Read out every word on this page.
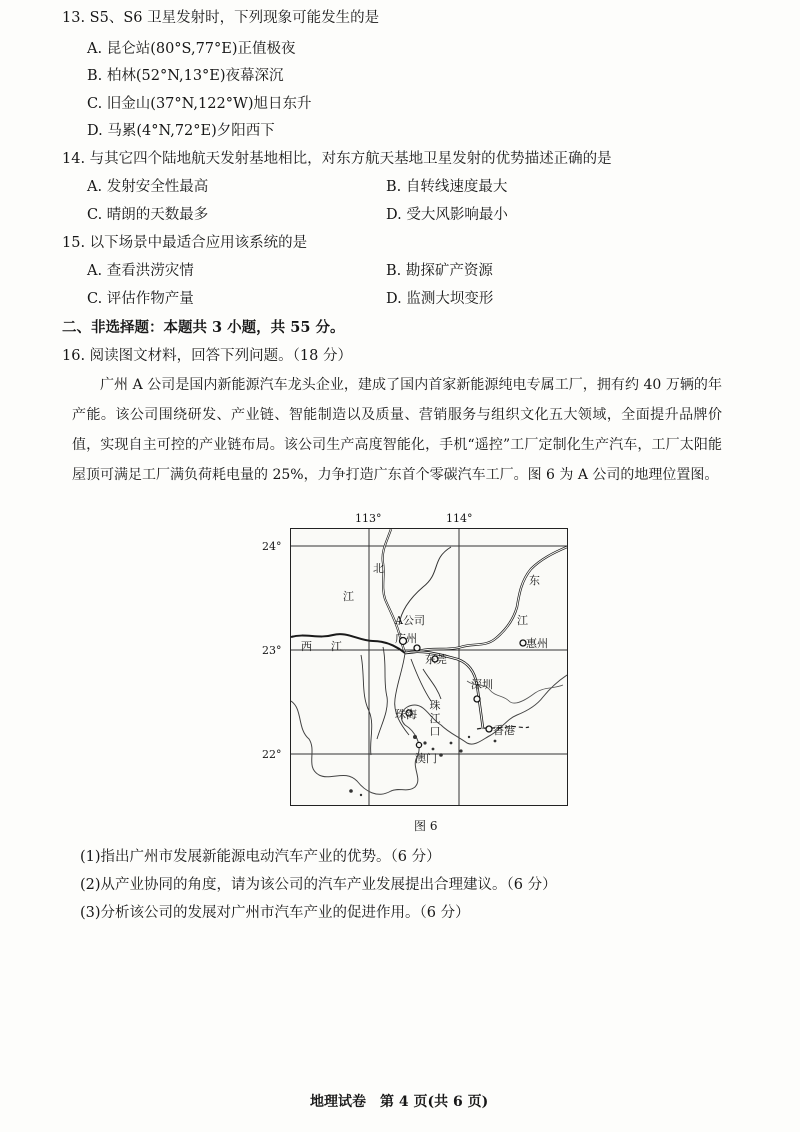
13. S5、S6 卫星发射时，下列现象可能发生的是
A. 昆仑站(80°S,77°E)正值极夜
B. 柏林(52°N,13°E)夜幕深沉
C. 旧金山(37°N,122°W)旭日东升
D. 马累(4°N,72°E)夕阳西下
14. 与其它四个陆地航天发射基地相比，对东方航天基地卫星发射的优势描述正确的是
A. 发射安全性最高	B. 自转线速度最大
C. 晴朗的天数最多	D. 受大风影响最小
15. 以下场景中最适合应用该系统的是
A. 查看洪涝灾情	B. 勘探矿产资源
C. 评估作物产量	D. 监测大坝变形
二、非选择题：本题共 3 小题，共 55 分。
16. 阅读图文材料，回答下列问题。（18 分）

广州 A 公司是国内新能源汽车龙头企业，建成了国内首家新能源纯电专属工厂，拥有约 40 万辆的年产能。该公司围绕研发、产业链、智能制造以及质量、营销服务与组织文化五大领域，全面提升品牌价值，实现自主可控的产业链布局。该公司生产高度智能化，手机“遥控”工厂定制化生产汽车，工厂太阳能屋顶可满足工厂满负荷耗电量的 25%，力争打造广东首个零碳汽车工厂。图 6 为 A 公司的地理位置图。

113°	114°
24°
23°
22°
A公司
广州
东莞
惠州
深圳
珠海
香港
澳门
北
江
西 江
东
江
珠江口
图 6
(1)指出广州市发展新能源电动汽车产业的优势。（6 分）
(2)从产业协同的角度，请为该公司的汽车产业发展提出合理建议。（6 分）
(3)分析该公司的发展对广州市汽车产业的促进作用。（6 分）
地理试卷　第 4 页(共 6 页)
